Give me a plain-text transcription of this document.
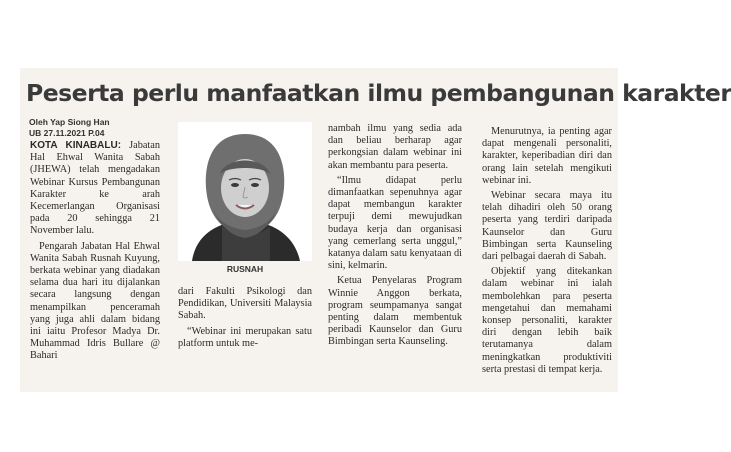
Peserta perlu manfaatkan ilmu pembangunan karakter
Oleh Yap Siong Han
UB 27.11.2021 P.04

KOTA KINABALU: Jabatan Hal Ehwal Wanita Sabah (JHEWA) telah mengadakan Webinar Kursus Pembangunan Karakter ke arah Kecemerlangan Organisasi pada 20 sehingga 21 November lalu.

Pengarah Jabatan Hal Ehwal Wanita Sabah Rusnah Kuyung, berkata webinar yang diadakan selama dua hari itu dijalankan secara langsung dengan menampilkan penceramah yang juga ahli dalam bidang ini iaitu Profesor Madya Dr. Muhammad Idris Bullare @ Bahari

RUSNAH

dari Fakulti Psikologi dan Pendidikan, Universiti Malaysia Sabah.

“Webinar ini merupakan satu platform untuk me-

nambah ilmu yang sedia ada dan beliau berharap agar perkongsian dalam webinar ini akan membantu para peserta.

“Ilmu didapat perlu dimanfaatkan sepenuhnya agar dapat membangun karakter terpuji demi mewujudkan budaya kerja dan organisasi yang cemerlang serta unggul,” katanya dalam satu kenyataan di sini, kelmarin.

Ketua Penyelaras Program Winnie Anggon berkata, program seumpamanya sangat penting dalam membentuk peribadi Kaunselor dan Guru Bimbingan serta Kaunseling.

Menurutnya, ia penting agar dapat mengenali personaliti, karakter, keperibadian diri dan orang lain setelah mengikuti webinar ini.

Webinar secara maya itu telah dihadiri oleh 50 orang peserta yang terdiri daripada Kaunselor dan Guru Bimbingan serta Kaunseling dari pelbagai daerah di Sabah.

Objektif yang ditekankan dalam webinar ini ialah membolehkan para peserta mengetahui dan memahami konsep personaliti, karakter diri dengan lebih baik terutamanya dalam meningkatkan produktiviti serta prestasi di tempat kerja.
